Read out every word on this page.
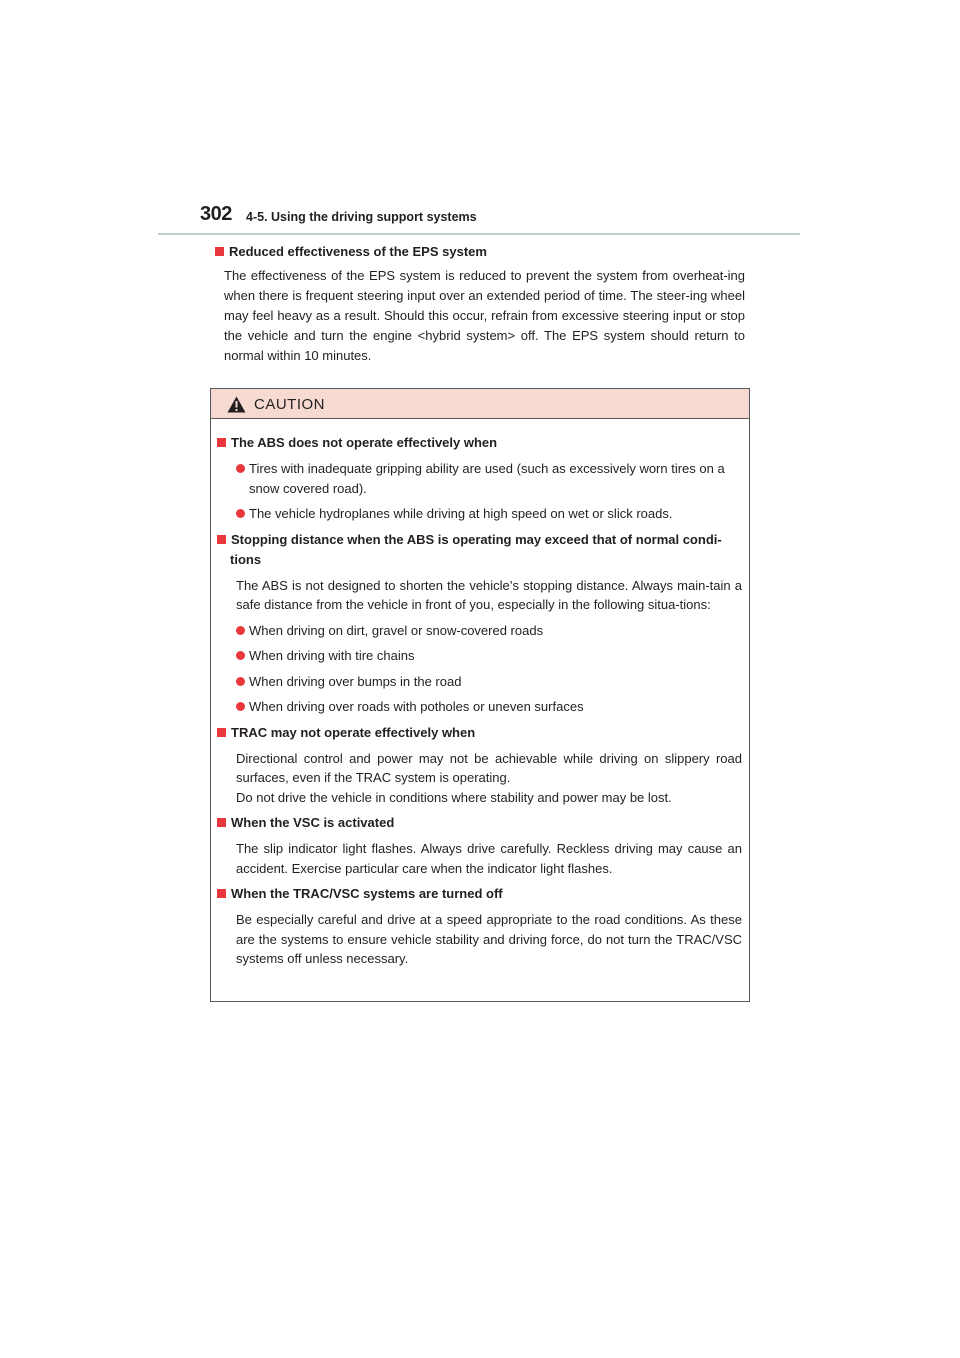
302 4-5. Using the driving support systems
Reduced effectiveness of the EPS system
The effectiveness of the EPS system is reduced to prevent the system from overheat-ing when there is frequent steering input over an extended period of time. The steer-ing wheel may feel heavy as a result. Should this occur, refrain from excessive steering input or stop the vehicle and turn the engine <hybrid system> off. The EPS system should return to normal within 10 minutes.
CAUTION
The ABS does not operate effectively when
Tires with inadequate gripping ability are used (such as excessively worn tires on a snow covered road).
The vehicle hydroplanes while driving at high speed on wet or slick roads.
Stopping distance when the ABS is operating may exceed that of normal condi-
tions
The ABS is not designed to shorten the vehicle’s stopping distance. Always main-tain a safe distance from the vehicle in front of you, especially in the following situa-tions:
When driving on dirt, gravel or snow-covered roads
When driving with tire chains
When driving over bumps in the road
When driving over roads with potholes or uneven surfaces
TRAC may not operate effectively when
Directional control and power may not be achievable while driving on slippery road surfaces, even if the TRAC system is operating.
Do not drive the vehicle in conditions where stability and power may be lost.
When the VSC is activated
The slip indicator light flashes. Always drive carefully. Reckless driving may cause an accident. Exercise particular care when the indicator light flashes.
When the TRAC/VSC systems are turned off
Be especially careful and drive at a speed appropriate to the road conditions. As these are the systems to ensure vehicle stability and driving force, do not turn the TRAC/VSC systems off unless necessary.
